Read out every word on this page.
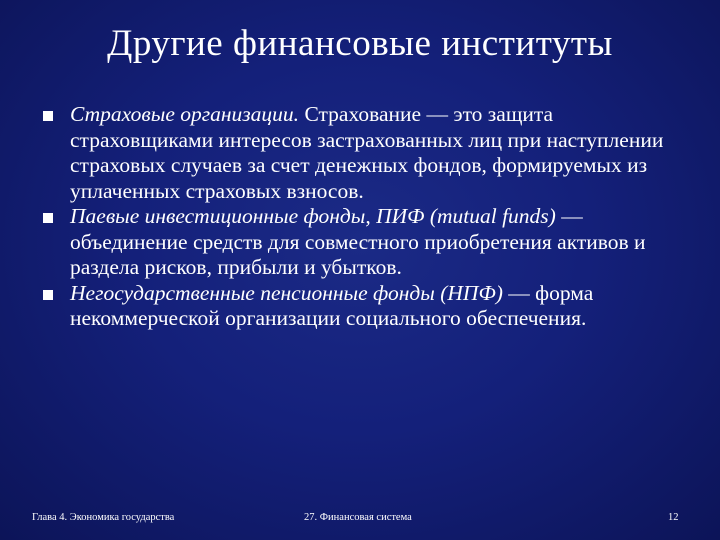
Другие финансовые институты
Страховые организации. Страхование — это защита страховщиками интересов застрахованных лиц при наступлении страховых случаев за счет денежных фондов, формируемых из уплаченных страховых взносов.
Паевые инвестиционные фонды, ПИФ (mutual funds) — объединение средств для совместного приобретения активов и раздела рисков, прибыли и убытков.
Негосударственные пенсионные фонды (НПФ) — форма некоммерческой организации социального обеспечения.
Глава 4. Экономика государства	27. Финансовая система	12
